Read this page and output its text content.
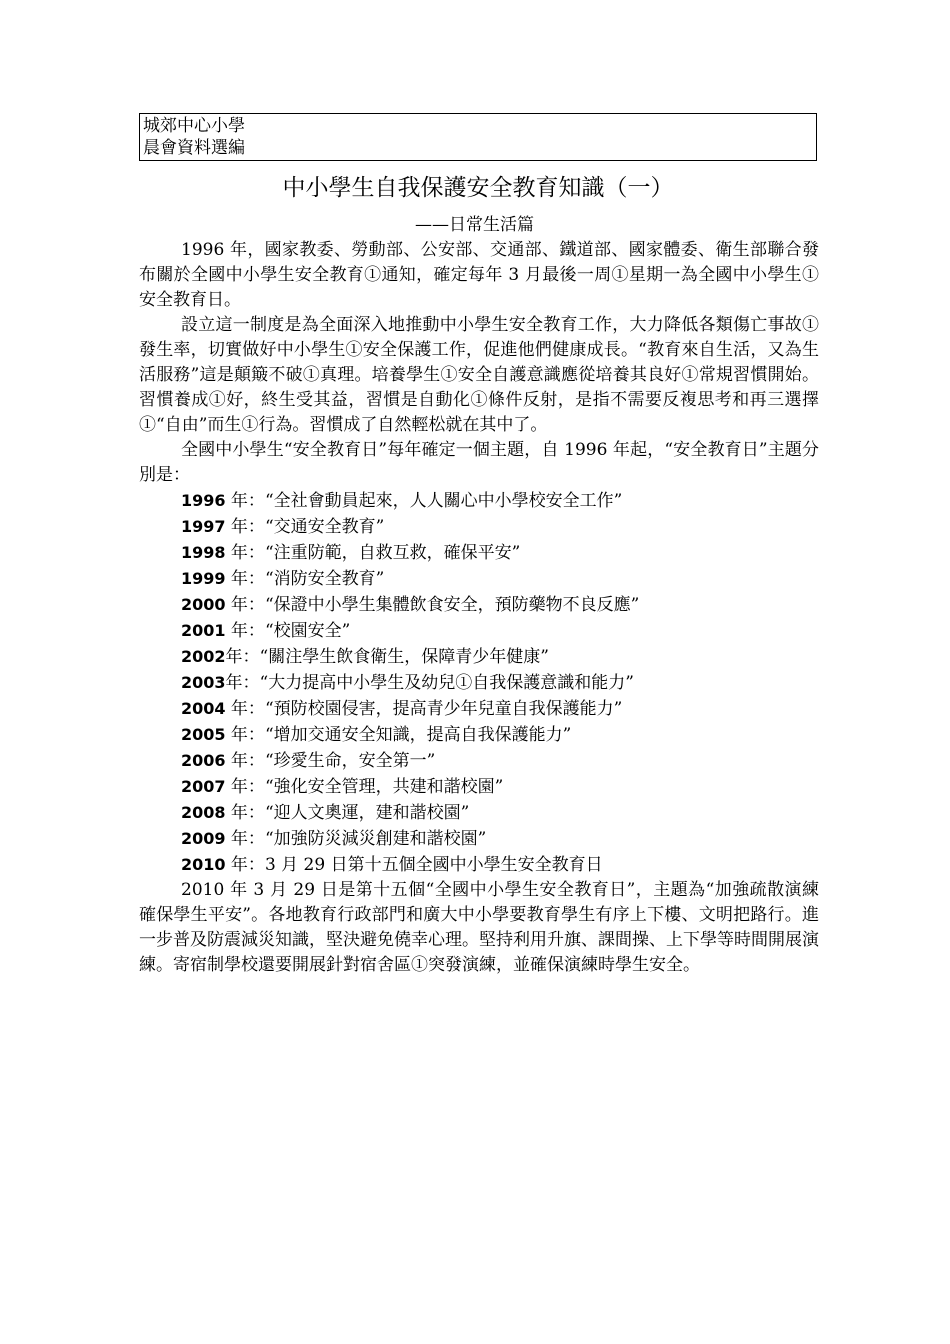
城郊中心小學
晨會資料選編
中小學生自我保護安全教育知識（一）
——日常生活篇

1996 年，國家教委、勞動部、公安部、交通部、鐵道部、國家體委、衛生部聯合發布關於全國中小學生安全教育①通知，確定每年 3 月最後一周①星期一為全國中小學生①安全教育日。

設立這一制度是為全面深入地推動中小學生安全教育工作，大力降低各類傷亡事故①發生率，切實做好中小學生①安全保護工作，促進他們健康成長。“教育來自生活，又為生活服務”這是顛簸不破①真理。培養學生①安全自護意識應從培養其良好①常規習慣開始。習慣養成①好，終生受其益，習慣是自動化①條件反射，是指不需要反複思考和再三選擇①“自由”而生①行為。習慣成了自然輕松就在其中了。

全國中小學生“安全教育日”每年確定一個主題，自 1996 年起，“安全教育日”主題分別是：

1996 年：“全社會動員起來，人人關心中小學校安全工作”

1997 年：“交通安全教育”

1998 年：“注重防範，自救互救，確保平安”

1999 年：“消防安全教育”

2000 年：“保證中小學生集體飲食安全，預防藥物不良反應”

2001 年：“校園安全”

2002年：“關注學生飲食衛生，保障青少年健康”

2003年：“大力提高中小學生及幼兒①自我保護意識和能力”

2004 年：“預防校園侵害，提高青少年兒童自我保護能力”

2005 年：“增加交通安全知識，提高自我保護能力”

2006 年：“珍愛生命，安全第一”

2007 年：“強化安全管理，共建和諧校園”

2008 年：“迎人文奧運，建和諧校園”

2009 年：“加強防災減災創建和諧校園”

2010 年：3 月 29 日第十五個全國中小學生安全教育日

2010 年 3 月 29 日是第十五個“全國中小學生安全教育日”，主題為“加強疏散演練確保學生平安”。各地教育行政部門和廣大中小學要教育學生有序上下樓、文明把路行。進一步普及防震減災知識，堅決避免僥幸心理。堅持利用升旗、課間操、上下學等時間開展演練。寄宿制學校還要開展針對宿舍區①突發演練，並確保演練時學生安全。
